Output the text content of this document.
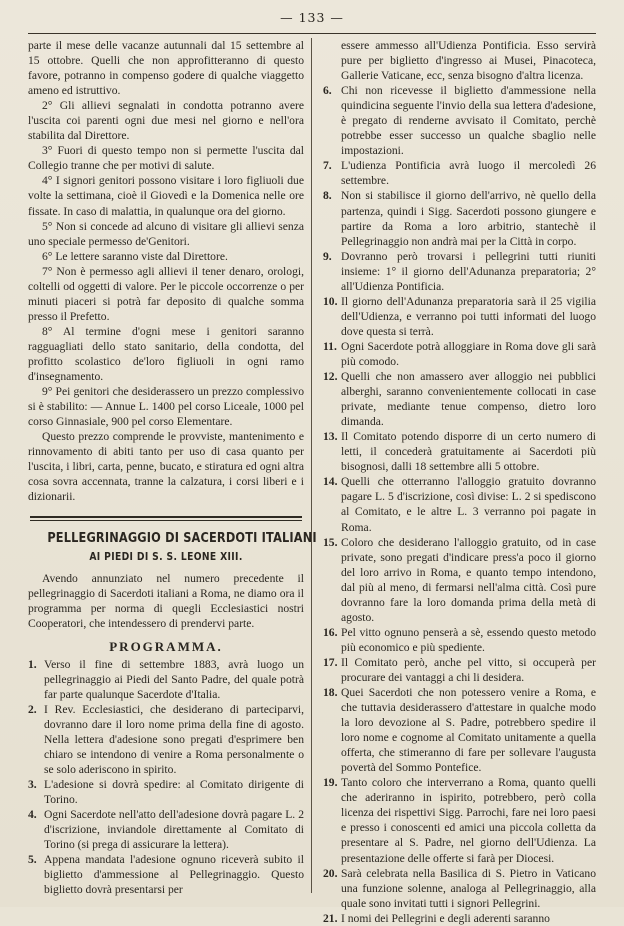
— 133 —

parte il mese delle vacanze autunnali dal 15 settembre al 15 ottobre. Quelli che non approfitteranno di questo favore, potranno in compenso godere di qualche viaggetto ameno ed istruttivo.

2° Gli allievi segnalati in condotta potranno avere l'uscita coi parenti ogni due mesi nel giorno e nell'ora stabilita dal Direttore.

3° Fuori di questo tempo non si permette l'uscita dal Collegio tranne che per motivi di salute.

4° I signori genitori possono visitare i loro figliuoli due volte la settimana, cioè il Giovedì e la Domenica nelle ore fissate. In caso di malattia, in qualunque ora del giorno.

5° Non si concede ad alcuno di visitare gli allievi senza uno speciale permesso de'Genitori.

6° Le lettere saranno viste dal Direttore.

7° Non è permesso agli allievi il tener denaro, orologi, coltelli od oggetti di valore. Per le piccole occorrenze o per minuti piaceri si potrà far deposito di qualche somma presso il Prefetto.

8° Al termine d'ogni mese i genitori saranno ragguagliati dello stato sanitario, della condotta, del profitto scolastico de'loro figliuoli in ogni ramo d'insegnamento.

9° Pei genitori che desiderassero un prezzo complessivo si è stabilito: — Annue L. 1400 pel corso Liceale, 1000 pel corso Ginnasiale, 900 pel corso Elementare.

Questo prezzo comprende le provviste, mantenimento e rinnovamento di abiti tanto per uso di casa quanto per l'uscita, i libri, carta, penne, bucato, e stiratura ed ogni altra cosa sovra accennata, tranne la calzatura, i corsi liberi e i dizionarii.

PELLEGRINAGGIO DI SACERDOTI ITALIANI
AI PIEDI DI S. S. LEONE XIII.

Avendo annunziato nel numero precedente il pellegrinaggio di Sacerdoti italiani a Roma, ne diamo ora il programma per norma di quegli Ecclesiastici nostri Cooperatori, che intendessero di prendervi parte.

PROGRAMMA.

1. Verso il fine di settembre 1883, avrà luogo un pellegrinaggio ai Piedi del Santo Padre, del quale potrà far parte qualunque Sacerdote d'Italia.

2. I Rev. Ecclesiastici, che desiderano di parteciparvi, dovranno dare il loro nome prima della fine di agosto. Nella lettera d'adesione sono pregati d'esprimere ben chiaro se intendono di venire a Roma personalmente o se solo aderiscono in spirito.

3. L'adesione si dovrà spedire: al Comitato dirigente di Torino.

4. Ogni Sacerdote nell'atto dell'adesione dovrà pagare L. 2 d'iscrizione, inviandole direttamente al Comitato di Torino (si prega di assicurare la lettera).

5. Appena mandata l'adesione ognuno riceverà subito il biglietto d'ammessione al Pellegrinaggio. Questo biglietto dovrà presentarsi per

essere ammesso all'Udienza Pontificia. Esso servirà pure per biglietto d'ingresso ai Musei, Pinacoteca, Gallerie Vaticane, ecc, senza bisogno d'altra licenza.

6. Chi non ricevesse il biglietto d'ammessione nella quindicina seguente l'invio della sua lettera d'adesione, è pregato di renderne avvisato il Comitato, perchè potrebbe esser successo un qualche sbaglio nelle impostazioni.

7. L'udienza Pontificia avrà luogo il mercoledì 26 settembre.

8. Non si stabilisce il giorno dell'arrivo, nè quello della partenza, quindi i Sigg. Sacerdoti possono giungere e partire da Roma a loro arbitrio, stantechè il Pellegrinaggio non andrà mai per la Città in corpo.

9. Dovranno però trovarsi i pellegrini tutti riuniti insieme: 1° il giorno dell'Adunanza preparatoria; 2° all'Udienza Pontificia.

10. Il giorno dell'Adunanza preparatoria sarà il 25 vigilia dell'Udienza, e verranno poi tutti informati del luogo dove questa si terrà.

11. Ogni Sacerdote potrà alloggiare in Roma dove gli sarà più comodo.

12. Quelli che non amassero aver alloggio nei pubblici alberghi, saranno convenientemente collocati in case private, mediante tenue compenso, dietro loro dimanda.

13. Il Comitato potendo disporre di un certo numero di letti, il concederà gratuitamente ai Sacerdoti più bisognosi, dalli 18 settembre alli 5 ottobre.

14. Quelli che otterranno l'alloggio gratuito dovranno pagare L. 5 d'iscrizione, così divise: L. 2 si spediscono al Comitato, e le altre L. 3 verranno poi pagate in Roma.

15. Coloro che desiderano l'alloggio gratuito, od in case private, sono pregati d'indicare press'a poco il giorno del loro arrivo in Roma, e quanto tempo intendono, dal più al meno, di fermarsi nell'alma città. Così pure dovranno fare la loro domanda prima della metà di agosto.

16. Pel vitto ognuno penserà a sè, essendo questo metodo più economico e più spediente.

17. Il Comitato però, anche pel vitto, si occuperà per procurare dei vantaggi a chi li desidera.

18. Quei Sacerdoti che non potessero venire a Roma, e che tuttavia desiderassero d'attestare in qualche modo la loro devozione al S. Padre, potrebbero spedire il loro nome e cognome al Comitato unitamente a quella offerta, che stimeranno di fare per sollevare l'augusta povertà del Sommo Pontefice.

19. Tanto coloro che interverrano a Roma, quanto quelli che aderiranno in ispirito, potrebbero, però colla licenza dei rispettivi Sigg. Parrochi, fare nei loro paesi e presso i conoscenti ed amici una piccola colletta da presentare al S. Padre, nel giorno dell'Udienza. La presentazione delle offerte si farà per Diocesi.

20. Sarà celebrata nella Basilica di S. Pietro in Vaticano una funzione solenne, analoga al Pellegrinaggio, alla quale sono invitati tutti i signori Pellegrini.

21. I nomi dei Pellegrini e degli aderenti saranno
